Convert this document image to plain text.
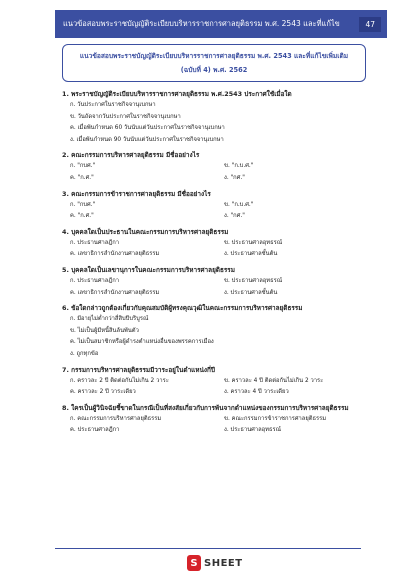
แนวข้อสอบพระราชบัญญัติระเบียบบริหารราชการศาลยุติธรรม พ.ศ. 2543 และที่แก้ไข	47
แนวข้อสอบพระราชบัญญัติระเบียบบริหารราชการศาลยุติธรรม พ.ศ. 2543 และที่แก้ไขเพิ่มเติม
(ฉบับที่ 4) พ.ศ. 2562
1. พระราชบัญญัติระเบียบบริหารราชการศาลยุติธรรม พ.ศ.2543 ประกาศใช้เมื่อใด
ก. วันประกาศในราชกิจจานุเบกษา
ข. วันถัดจากวันประกาศในราชกิจจานุเบกษา
ค. เมื่อพ้นกำหนด 60 วันนับแต่วันประกาศในราชกิจจานุเบกษา
ง. เมื่อพ้นกำหนด 90 วันนับแต่วันประกาศในราชกิจจานุเบกษา
2. คณะกรรมการบริหารศาลยุติธรรม มีชื่ออย่างไร
ก. "กบศ."	ข. "ก.บ.ศ."
ค. "ก.ศ."	ง. "กศ."
3. คณะกรรมการข้าราชการศาลยุติธรรม มีชื่ออย่างไร
ก. "กบศ."	ข. "ก.บ.ศ."
ค. "ก.ศ."	ง. "กศ."
4. บุคคลใดเป็นประธานในคณะกรรมการบริหารศาลยุติธรรม
ก. ประธานศาลฎีกา	ข. ประธานศาลอุทธรณ์
ค. เลขาธิการสำนักงานศาลยุติธรรม	ง. ประธานศาลชั้นต้น
5. บุคคลใดเป็นเลขานุการในคณะกรรมการบริหารศาลยุติธรรม
ก. ประธานศาลฎีกา	ข. ประธานศาลอุทธรณ์
ค. เลขาธิการสำนักงานศาลยุติธรรม	ง. ประธานศาลชั้นต้น
6. ข้อใดกล่าวถูกต้องเกี่ยวกับคุณสมบัติผู้ทรงคุณวุฒิในคณะกรรมการบริหารศาลยุติธรรม
ก. มีอายุไม่ต่ำกว่าสี่สิบปีบริบูรณ์
ข. ไม่เป็นผู้มีหนี้สินล้นพ้นตัว
ค. ไม่เป็นสมาชิกหรือผู้ดำรงตำแหน่งอื่นของพรรคการเมือง
ง. ถูกทุกข้อ
7. กรรมการบริหารศาลยุติธรรมมีวาระอยู่ในตำแหน่งกี่ปี
ก. คราวละ 2 ปี ติดต่อกันไม่เกิน 2 วาระ	ข. คราวละ 4 ปี ติดต่อกันไม่เกิน 2 วาระ
ค. คราวละ 2 ปี วาระเดียว	ง. คราวละ 4 ปี วาระเดียว
8. ใครเป็นผู้วินิจฉัยชี้ขาดในกรณีเป็นที่สงสัยเกี่ยวกับการพ้นจากตำแหน่งของกรรมการบริหารศาลยุติธรรม
ก. คณะกรรมการบริหารศาลยุติธรรม	ข. คณะกรรมการข้าราชการศาลยุติธรรม
ค. ประธานศาลฎีกา	ง. ประธานศาลอุทธรณ์
S SHEET
